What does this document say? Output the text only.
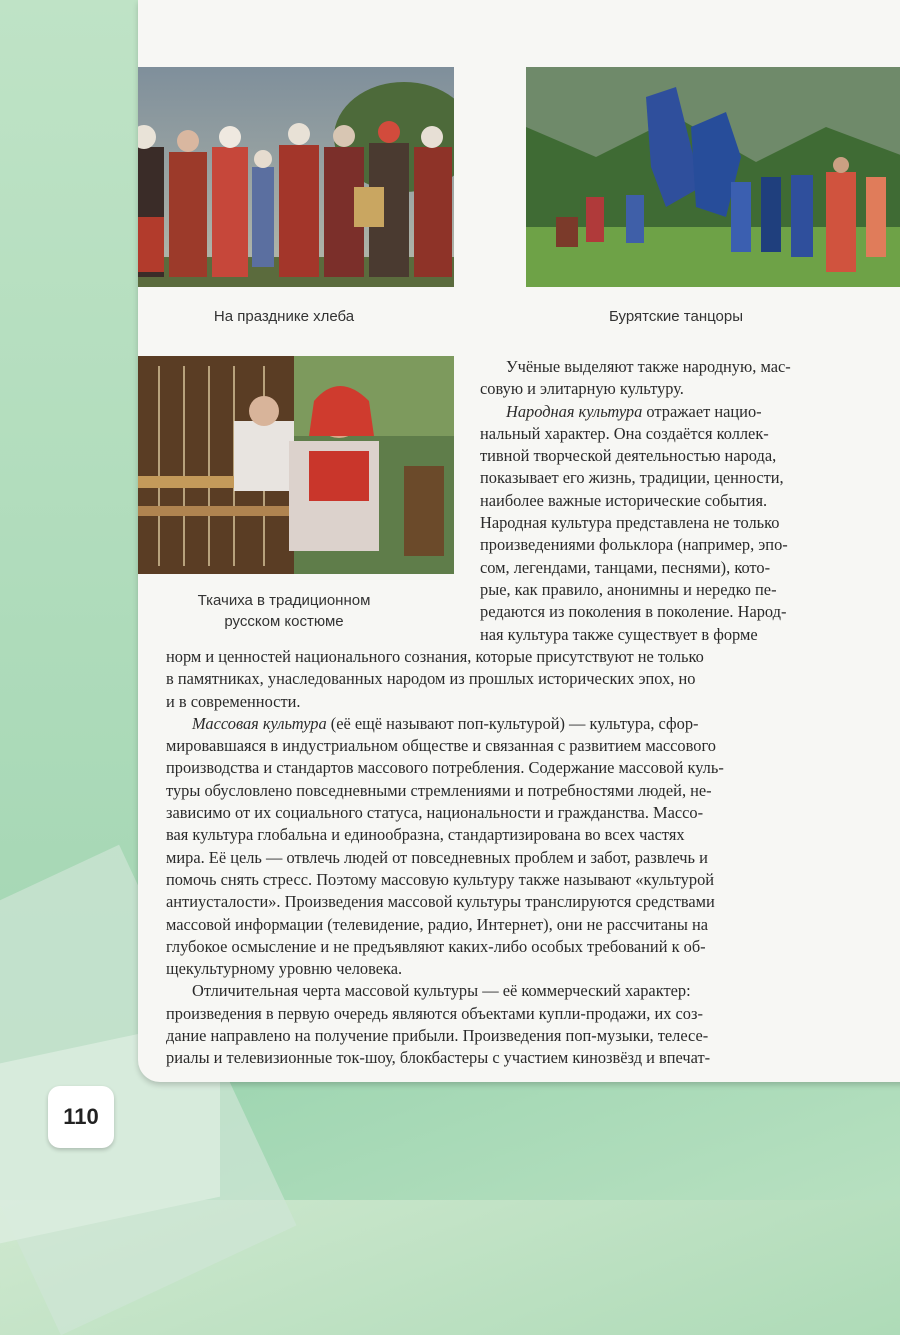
На празднике хлеба	Бурятские танцоры
Ткачиха в традиционном
русском костюме
Учёные выделяют также народную, мас-
совую и элитарную культуру.
Народная культура отражает нацио-
нальный характер. Она создаётся коллек-
тивной творческой деятельностью народа,
показывает его жизнь, традиции, ценности,
наиболее важные исторические события.
Народная культура представлена не только
произведениями фольклора (например, эпо-
сом, легендами, танцами, песнями), кото-
рые, как правило, анонимны и нередко пе-
редаются из поколения в поколение. Народ-
ная культура также существует в форме
норм и ценностей национального сознания, которые присутствуют не только
в памятниках, унаследованных народом из прошлых исторических эпох, но
и в современности.
Массовая культура (её ещё называют поп-культурой) — культура, сфор-
мировавшаяся в индустриальном обществе и связанная с развитием массового
производства и стандартов массового потребления. Содержание массовой куль-
туры обусловлено повседневными стремлениями и потребностями людей, не-
зависимо от их социального статуса, национальности и гражданства. Массо-
вая культура глобальна и единообразна, стандартизирована во всех частях
мира. Её цель — отвлечь людей от повседневных проблем и забот, развлечь и
помочь снять стресс. Поэтому массовую культуру также называют «культурой
антиусталости». Произведения массовой культуры транслируются средствами
массовой информации (телевидение, радио, Интернет), они не рассчитаны на
глубокое осмысление и не предъявляют каких-либо особых требований к об-
щекультурному уровню человека.
Отличительная черта массовой культуры — её коммерческий характер:
произведения в первую очередь являются объектами купли-продажи, их соз-
дание направлено на получение прибыли. Произведения поп-музыки, телесе-
риалы и телевизионные ток-шоу, блокбастеры с участием кинозвёзд и впечат-
110
